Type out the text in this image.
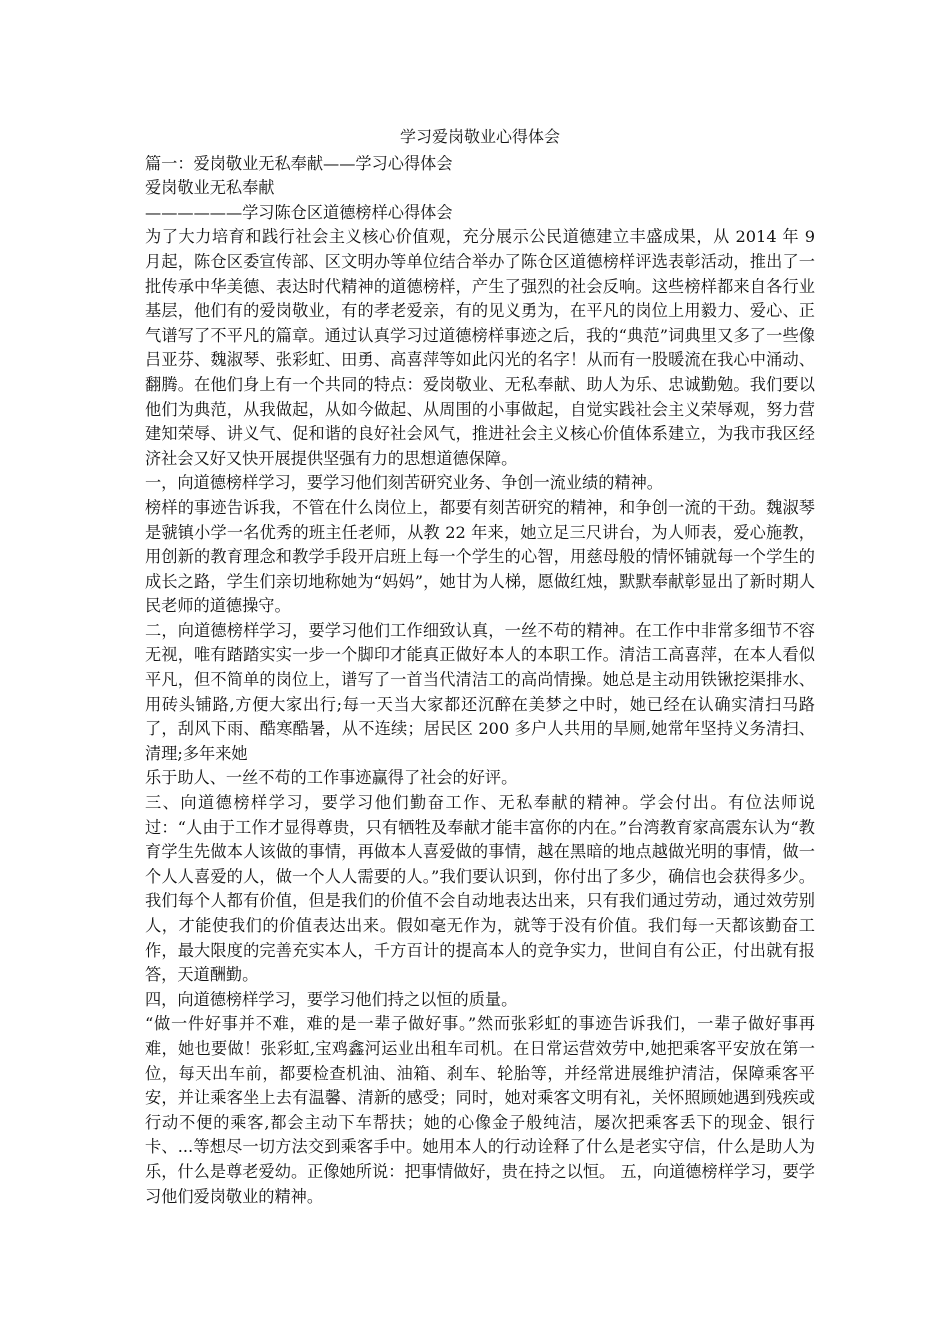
学习爱岗敬业心得体会

篇一：爱岗敬业无私奉献——学习心得体会

爱岗敬业无私奉献

——————学习陈仓区道德榜样心得体会

为了大力培育和践行社会主义核心价值观，充分展示公民道德建立丰盛成果，从 2014 年 9 月起，陈仓区委宣传部、区文明办等单位结合举办了陈仓区道德榜样评选表彰活动，推出了一批传承中华美德、表达时代精神的道德榜样，产生了强烈的社会反响。这些榜样都来自各行业基层，他们有的爱岗敬业，有的孝老爱亲，有的见义勇为，在平凡的岗位上用毅力、爱心、正气谱写了不平凡的篇章。通过认真学习过道德榜样事迹之后，我的“典范”词典里又多了一些像吕亚芬、魏淑琴、张彩虹、田勇、高喜萍等如此闪光的名字！从而有一股暖流在我心中涌动、翻腾。在他们身上有一个共同的特点：爱岗敬业、无私奉献、助人为乐、忠诚勤勉。我们要以他们为典范，从我做起，从如今做起、从周围的小事做起，自觉实践社会主义荣辱观，努力营建知荣辱、讲义气、促和谐的良好社会风气，推进社会主义核心价值体系建立，为我市我区经济社会又好又快开展提供坚强有力的思想道德保障。

一，向道德榜样学习，要学习他们刻苦研究业务、争创一流业绩的精神。

榜样的事迹告诉我，不管在什么岗位上，都要有刻苦研究的精神，和争创一流的干劲。魏淑琴是虢镇小学一名优秀的班主任老师，从教 22 年来，她立足三尺讲台，为人师表，爱心施教，用创新的教育理念和教学手段开启班上每一个学生的心智，用慈母般的情怀铺就每一个学生的成长之路，学生们亲切地称她为“妈妈”，她甘为人梯，愿做红烛，默默奉献彰显出了新时期人民老师的道德操守。

二，向道德榜样学习，要学习他们工作细致认真，一丝不苟的精神。在工作中非常多细节不容无视，唯有踏踏实实一步一个脚印才能真正做好本人的本职工作。清洁工高喜萍，在本人看似平凡，但不简单的岗位上，谱写了一首当代清洁工的高尚情操。她总是主动用铁锹挖渠排水、用砖头铺路,方便大家出行;每一天当大家都还沉醉在美梦之中时，她已经在认确实清扫马路了，刮风下雨、酷寒酷暑，从不连续；居民区 200 多户人共用的旱厕,她常年坚持义务清扫、清理;多年来她

乐于助人、一丝不苟的工作事迹赢得了社会的好评。

三、向道德榜样学习，要学习他们勤奋工作、无私奉献的精神。学会付出。有位法师说过：“人由于工作才显得尊贵，只有牺牲及奉献才能丰富你的内在。”台湾教育家高震东认为“教育学生先做本人该做的事情，再做本人喜爱做的事情，越在黑暗的地点越做光明的事情，做一个人人喜爱的人，做一个人人需要的人。”我们要认识到，你付出了多少，确信也会获得多少。我们每个人都有价值，但是我们的价值不会自动地表达出来，只有我们通过劳动，通过效劳别人，才能使我们的价值表达出来。假如毫无作为，就等于没有价值。我们每一天都该勤奋工作，最大限度的完善充实本人，千方百计的提高本人的竞争实力，世间自有公正，付出就有报答，天道酬勤。

四，向道德榜样学习，要学习他们持之以恒的质量。

“做一件好事并不难，难的是一辈子做好事。”然而张彩虹的事迹告诉我们，一辈子做好事再难，她也要做！张彩虹,宝鸡鑫河运业出租车司机。在日常运营效劳中,她把乘客平安放在第一位，每天出车前，都要检查机油、油箱、刹车、轮胎等，并经常进展维护清洁，保障乘客平安，并让乘客坐上去有温馨、清新的感受；同时，她对乘客文明有礼，关怀照顾她遇到残疾或行动不便的乘客,都会主动下车帮扶；她的心像金子般纯洁，屡次把乘客丢下的现金、银行卡、...等想尽一切方法交到乘客手中。她用本人的行动诠释了什么是老实守信，什么是助人为乐，什么是尊老爱幼。正像她所说：把事情做好，贵在持之以恒。 五，向道德榜样学习，要学习他们爱岗敬业的精神。
